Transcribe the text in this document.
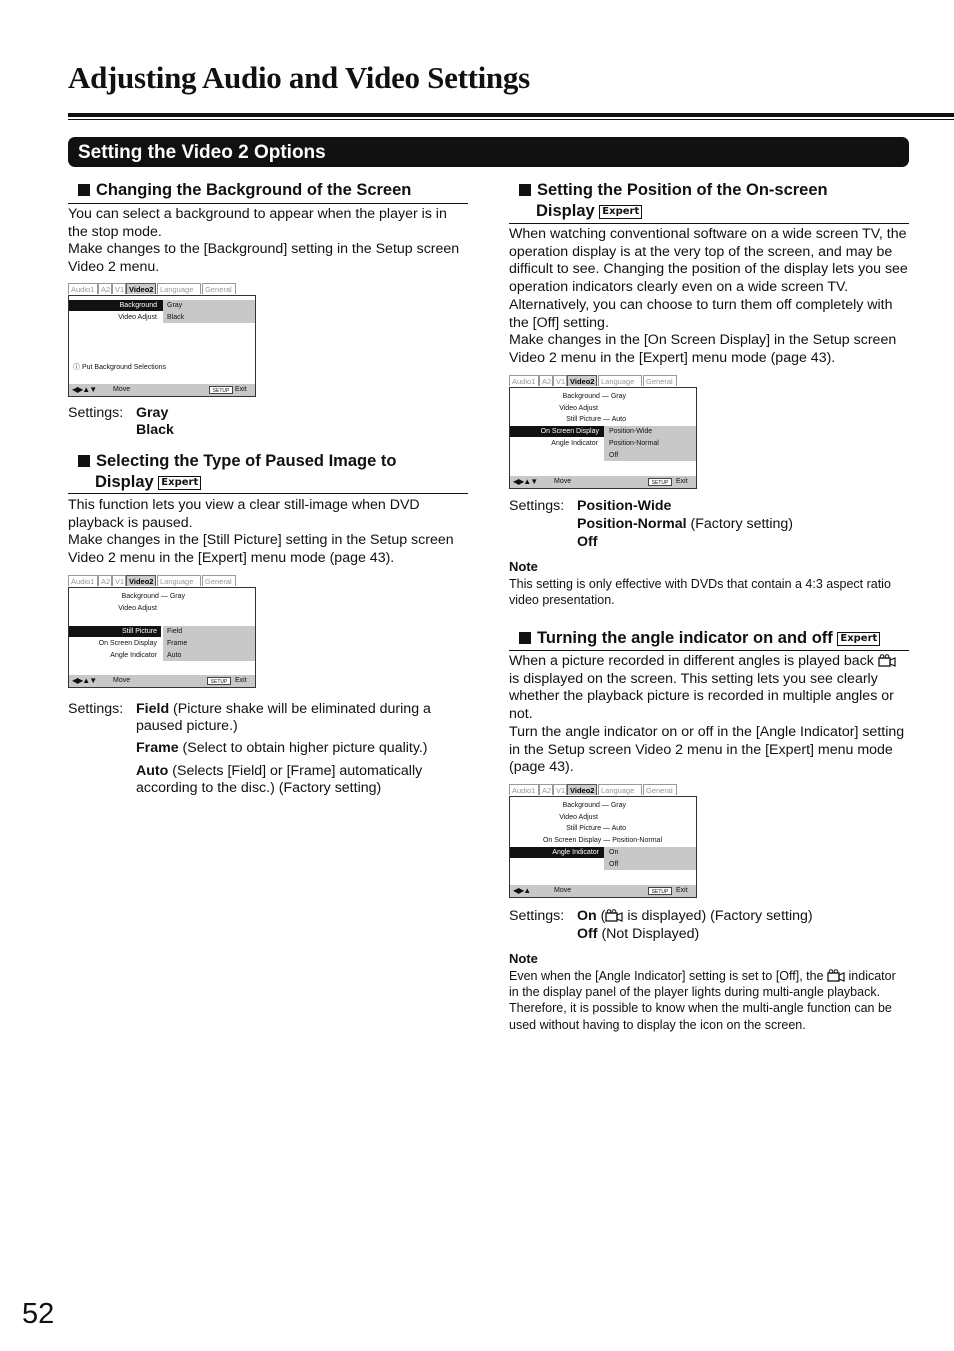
Adjusting Audio and Video Settings
Setting the Video 2 Options
Changing the Background of the Screen
You can select a background to appear when the player is in the stop mode.
Make changes to the [Background] setting in the Setup screen Video 2 menu.
Audio1 A2 V1 Video2 Language	General
Background
Video Adjust
Gray
Black
ⓘ Put Background Selections
◀▶▲▼ Move	SETUP Exit
Settings: Gray
Black
Selecting the Type of Paused Image to
Display Expert
This function lets you view a clear still-image when DVD playback is paused.
Make changes in the [Still Picture] setting in the Setup screen Video 2 menu in the [Expert] menu mode (page 43).
Audio1 A2 V1 Video2 Language	General
Background — Gray
Video Adjust
Still Picture
On Screen Display
Angle Indicator
Field
Frame
Auto
◀▶▲▼ Move	SETUP	Exit
Settings: Field (Picture shake will be eliminated during a
paused picture.)
Frame (Select to obtain higher picture quality.)
Auto (Selects [Field] or [Frame] automatically
according to the disc.) (Factory setting)
Setting the Position of the On-screen
Display Expert
When watching conventional software on a wide screen TV, the operation display is at the very top of the screen, and may be difficult to see. Changing the position of the display lets you see operation indicators clearly even on a wide screen TV. Alternatively, you can choose to turn them off completely with the [Off] setting.
Make changes in the [On Screen Display] in the Setup screen Video 2 menu in the [Expert] menu mode (page 43).
Audio1 A2 V1 Video2 Language	General
Background — Gray
Video Adjust
Still Picture — Auto
On Screen Display
Angle Indicator
Position-Wide
Position-Normal
Off
◀▶▲▼ Move	SETUP	Exit
Settings: Position-Wide
Position-Normal (Factory setting)
Off
Note
This setting is only effective with DVDs that contain a 4:3 aspect ratio video presentation.
Turning the angle indicator on and off Expert
When a picture recorded in different angles is played back  is displayed on the screen. This setting lets you see clearly whether the playback picture is recorded in multiple angles or not.
Turn the angle indicator on or off in the [Angle Indicator] setting in the Setup screen Video 2 menu in the [Expert] menu mode (page 43).
Audio1 A2 V1 Video2 Language	General
Background — Gray
Video Adjust
Still Picture — Auto
On Screen Display — Position-Normal
Angle Indicator On
Off
◀▶▲	Move	SETUP	Exit
Settings: On ( is displayed) (Factory setting)
Off (Not Displayed)
Note
Even when the [Angle Indicator] setting is set to [Off], the indicator in the display panel of the player lights during multi-angle playback. Therefore, it is possible to know when the multi-angle function can be used without having to display the icon on the screen.
52
